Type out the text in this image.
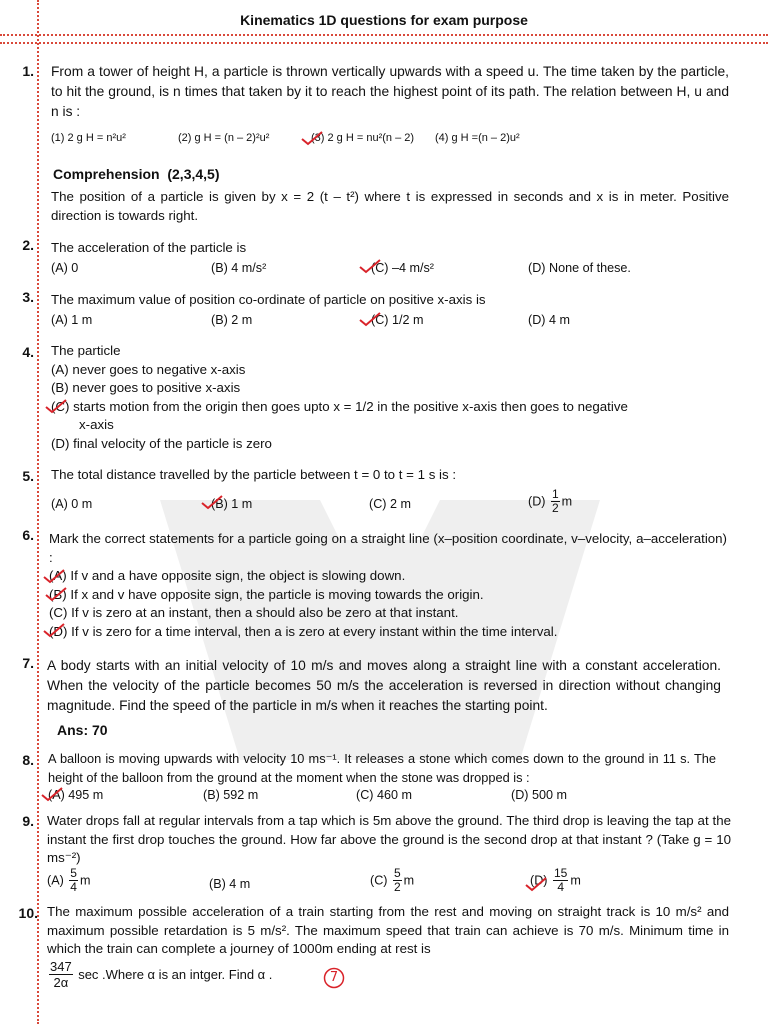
Kinematics 1D questions for exam purpose
1. From a tower of height H, a particle is thrown vertically upwards with a speed u. The time taken by the particle, to hit the ground, is n times that taken by it to reach the highest point of its path. The relation between H, u and n is :
(1) 2 g H = n²u²	(2) g H = (n – 2)²u²	(3) 2 g H = nu²(n – 2) (4) g H =(n – 2)u²
Comprehension (2,3,4,5)
The position of a particle is given by x = 2 (t – t²) where t is expressed in seconds and x is in meter. Positive direction is towards right.
2. The acceleration of the particle is
(A) 0	(B) 4 m/s²	(C) –4 m/s²	(D) None of these.
3. The maximum value of position co-ordinate of particle on positive x-axis is
(A) 1 m	(B) 2 m	(C) 1/2 m	(D) 4 m
4. The particle
(A) never goes to negative x-axis
(B) never goes to positive x-axis
(C) starts motion from the origin then goes upto x = 1/2 in the positive x-axis then goes to negative
x-axis
(D) final velocity of the particle is zero
5. The total distance travelled by the particle between t = 0 to t = 1 s is :
(A) 0 m	(B) 1 m	(C) 2 m	$(D) \frac{1}{2}$ m
6. Mark the correct statements for a particle going on a straight line (x–position coordinate, v–velocity, a–acceleration) :
(A) If v and a have opposite sign, the object is slowing down.
(B) If x and v have opposite sign, the particle is moving towards the origin.
(C) If v is zero at an instant, then a should also be zero at that instant.
(D) If v is zero for a time interval, then a is zero at every instant within the time interval.
7. A body starts with an initial velocity of 10 m/s and moves along a straight line with a constant acceleration. When the velocity of the particle becomes 50 m/s the acceleration is reversed in direction without changing magnitude. Find the speed of the particle in m/s when it reaches the starting point.
Ans: 70
8. A balloon is moving upwards with velocity 10 ms⁻¹. It releases a stone which comes down to the ground in 11 s. The height of the balloon from the ground at the moment when the stone was dropped is :
(A) 495 m	(B) 592 m	(C) 460 m	(D) 500 m
9. Water drops fall at regular intervals from a tap which is 5m above the ground. The third drop is leaving the tap at the instant the first drop touches the ground. How far above the ground is the second drop at that instant ? (Take g = 10 ms⁻²)
$(A) \frac{5}{4}$ m	(B) 4 m	$(C) \frac{5}{2}$ m	$(D) \frac{15}{4}$ m
10. The maximum possible acceleration of a train starting from the rest and moving on straight track is 10 m/s² and maximum possible retardation is 5 m/s². The maximum speed that train can achieve is 70 m/s. Minimum time in which the train can complete a journey of 1000m ending at rest is
$\frac{347}{2\alpha}$ sec .Where α is an intger. Find α .	7
